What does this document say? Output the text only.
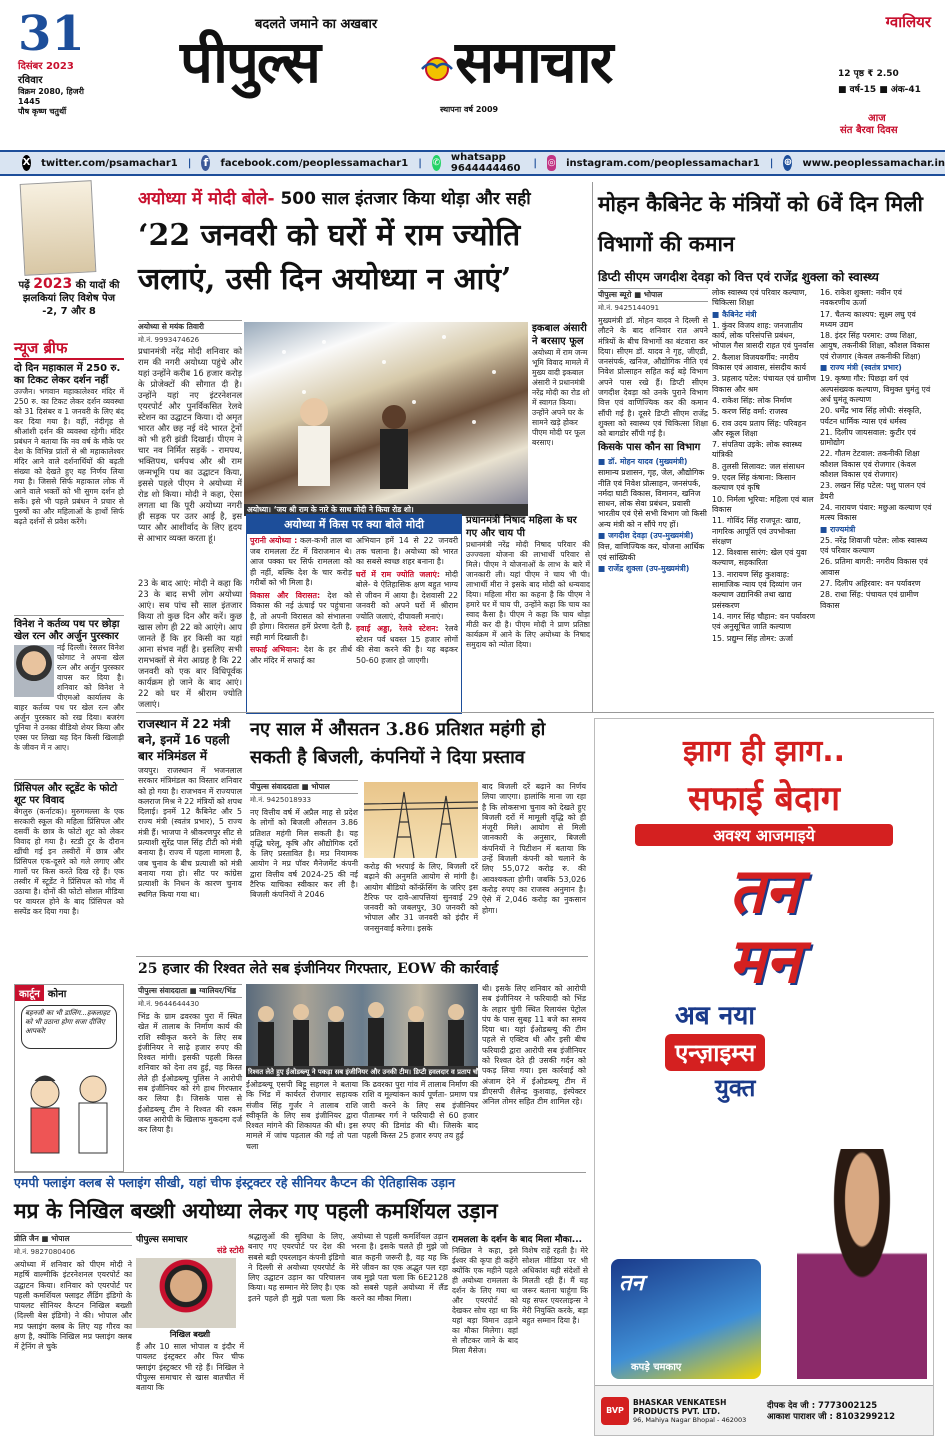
31
दिसंबर 2023
रविवार
विक्रम 2080, हिजरी 1445
पौष कृष्ण चतुर्थी
बदलते जमाने का अखबार
पीपुल्स समाचार
स्थापना वर्ष 2009
ग्वालियर
12 पृष्ठ ₹ 2.50
■ वर्ष-15 ■ अंक-41
आज
संत बैरवा दिवस
X twitter.com/psamachar1 | f facebook.com/peoplessamachar1 | ✆ whatsapp 9644444460 | ◎ instagram.com/peoplessamachar1 | ⊕ www.peoplessamachar.in
पढ़ें 2023 की यादों की झलकियां लिए विशेष पेज -2, 7 और 8
न्यूज ब्रीफ
दो दिन महाकाल में 250 रु. का टिकट लेकर दर्शन नहीं
उज्जैन। भगवान महाकालेश्वर मंदिर में 250 रु. का टिकट लेकर दर्शन व्यवस्था को 31 दिसंबर व 1 जनवरी के लिए बंद कर दिया गया है। वहीं, नंदीगृह से श्रीआंशी दर्शन की व्यवस्था रहेगी। मंदिर प्रबंधन ने बताया कि नव वर्ष के मौके पर देश के विभिन्न प्रांतों से श्री महाकालेश्वर मंदिर आने वाले दर्शनार्थियों की बढ़ती संख्या को देखते हुए यह निर्णय लिया गया है। जिससे सिर्फ महाकाल लोक में आने वाले भक्तों को भी सुगम दर्शन हो सकें। इसे भी पहले प्रबंधन ने प्रचार से पुरुषों का और महिलाओं के हाथों सिर्फ बढ़ते दर्शनों से प्रवेश करेंगे।
विनेश ने कर्तव्य पथ पर छोड़ा खेल रत्न और अर्जुन पुरस्कार
नई दिल्ली। रेसलर विनेश फोगाट ने अपना खेल रत्न और अर्जुन पुरस्कार वापस कर दिया है। शनिवार को विनेश ने पीएमओ कार्यालय के बाहर कर्तव्य पथ पर खेल रत्न और अर्जुन पुरस्कार को रख दिया। बजरंग पूनिया ने उनका वीडियो शेयर किया और एक्स पर लिखा यह दिन किसी खिलाड़ी के जीवन में न आए।
प्रिंसिपल और स्टूडेंट के फोटो शूट पर विवाद
बेंगलुरु (कर्नाटक)। मुरुगमल्ला के एक सरकारी स्कूल की महिला प्रिंसिपल और दसवीं के छात्र के फोटो शूट को लेकर विवाद हो गया है। स्टडी टूर के दौरान खींची गई इन तस्वीरों में छात्र और प्रिंसिपल एक-दूसरे को गले लगाए और गालों पर किस करते दिख रहे हैं। एक तस्वीर में स्टूडेंट ने प्रिंसिपल को गोद में उठाया है। दोनों की फोटो सोशल मीडिया पर वायरल होने के बाद प्रिंसिपल को सस्पेंड कर दिया गया है।
कार्टून कोना
बहनजी का भी डालिंग...हकलाहट को भी उठाना होगा सजा दीजिए आपको!
अयोध्या में मोदी बोले- 500 साल इंतजार किया थोड़ा और सही
‘22 जनवरी को घरों में राम ज्योति जलाएं, उसी दिन अयोध्या न आएं’
अयोध्या से मयंक तिवारी
मो.नं. 9993474626
अयोध्या। ‘जय श्री राम के नारे के साथ मोदी ने किया रोड शो।
प्रधानमंत्री नरेंद्र मोदी शनिवार को राम की नगरी अयोध्या पहुंचे और यहां उन्होंने करीब 16 हजार करोड़ के प्रोजेक्टों की सौगात दी है। उन्होंने यहां नए इंटरनेशनल एयरपोर्ट और पुनर्विकसित रेलवे स्टेशन का उद्घाटन किया। दो अमृत भारत और छह नई वंदे भारत ट्रेनों को भी हरी झंडी दिखाई। पीएम ने चार नव निर्मित सड़कें - रामपथ, भक्तिपथ, धर्मपथ और श्री राम जन्मभूमि पथ का उद्घाटन किया, इससे पहले पीएम ने अयोध्या में रोड शो किया। मोदी ने कहा, ऐसा लगता था कि पूरी अयोध्या नगरी ही सड़क पर उतर आई है, इस प्यार और आशीर्वाद के लिए हृदय से आभार व्यक्त करता हूं।
23 के बाद आएं: मोदी ने कहा कि 23 के बाद सभी लोग अयोध्या आएं। सब पांच सौ साल इंतजार किया तो कुछ दिन और करें। कुछ खास लोग ही 22 को आएंगे। आप जानते हैं कि हर किसी का यहां आना संभव नहीं है। इसलिए सभी रामभक्तों से मेरा आग्रह है कि 22 जनवरी को एक बार विधिपूर्वक कार्यक्रम हो जाने के बाद आएं। 22 को घर में श्रीराम ज्योति जलाएं।
अयोध्या में किस पर क्या बोले मोदी
पुरानी अयोध्या : कल-कभी ताल था जब रामलला टेंट में विराजमान थे। आज पक्का घर सिर्फ रामलला को ही नहीं, बल्कि देश के चार करोड़ गरीबों को भी मिला है।
विकास और विरासत: देश को विकास की नई ऊंचाई पर पहुंचाना है, तो अपनी विरासत को संभालना ही होगा। विरासत हमें प्रेरणा देती है, सही मार्ग दिखाती है।
सफाई अभियान: देश के हर तीर्थ और मंदिर में सफाई का
अभियान हमें 14 से 22 जनवरी तक चलाना है। अयोध्या को भारत का सबसे स्वच्छ शहर बनाना है।
घरों में राम ज्योति जलाएं: मोदी बोले- ये ऐतिहासिक क्षण बहुत भाग्य से जीवन में आया है। देशवासी 22 जनवरी को अपने घरों में श्रीराम ज्योति जलाएं, दीपावली मनाएं।
हवाई अड्डा, रेलवे स्टेशन: रेलवे स्टेशन पर्व धवस्त 15 हजार लोगों की सेवा करने की है। यह बढ़कर 50-60 हजार हो जाएगी।
इकबाल अंसारी ने बरसाए फूल
अयोध्या में राम जन्म भूमि विवाद मामले में मुख्य वादी इकबाल अंसारी ने प्रधानमंत्री नरेंद्र मोदी का रोड शो में स्वागत किया। उन्होंने अपने घर के सामने खड़े होकर पीएम मोदी पर फूल बरसाए।
प्रधानमंत्री निषाद महिला के घर गए और चाय पी
प्रधानमंत्री नरेंद्र मोदी निषाद परिवार की उज्ज्वला योजना की लाभार्थी परिवार से मिले। पीएम ने योजनाओं के लाभ के बारे में जानकारी ली। यहां पीएम ने चाय भी पी। लाभार्थी मीरा ने इसके बाद मोदी को धन्यवाद दिया। महिला मीरा का कहना है कि पीएम ने हमारे घर में चाय पी, उन्होंने कहा कि चाय का स्वाद कैसा है। पीएम ने कहा कि चाय थोड़ा मीठी कर दी है। पीएम मोदी ने प्राण प्रतिष्ठा कार्यक्रम में आने के लिए अयोध्या के निषाद समुदाय को न्योता दिया।
मोहन कैबिनेट के मंत्रियों को 6वें दिन मिली विभागों की कमान
डिप्टी सीएम जगदीश देवड़ा को वित्त एवं राजेंद्र शुक्ला को स्वास्थ्य
पीपुल्स ब्यूरो ■ भोपाल
मो.नं. 9425144091
मुख्यमंत्री डॉ. मोहन यादव ने दिल्ली से लौटने के बाद शनिवार रात अपने मंत्रियों के बीच विभागों का बंटवारा कर दिया। सीएम डॉ. यादव ने गृह, जीएडी, जनसंपर्क, खनिज, औद्योगिक नीति एवं निवेश प्रोत्साहन सहित कई बड़े विभाग अपने पास रखे हैं। डिप्टी सीएम जगदीश देवड़ा को उनके पुराने विभाग वित्त एवं वाणिज्यिक कर की कमान सौंपी गई है। दूसरे डिप्टी सीएम राजेंद्र शुक्ला को स्वास्थ्य एवं चिकित्सा शिक्षा को बागडोर सौंपी गई है।
किसके पास कौन सा विभाग
■ डॉ. मोहन यादव (मुख्यमंत्री)
सामान्य प्रशासन, गृह, जेल, औद्योगिक नीति एवं निवेश प्रोत्साहन, जनसंपर्क, नर्मदा घाटी विकास, विमानन, खनिज साधन, लोक सेवा प्रबंधन, प्रवासी भारतीय एवं ऐसे सभी विभाग जो किसी अन्य मंत्री को न सौंपे गए हों।
■ जगदीश देवड़ा (उप-मुख्यमंत्री)
वित्त, वाणिज्यिक कर, योजना आर्थिक एवं सांख्यिकी
■ राजेंद्र शुक्ला (उप-मुख्यमंत्री)
लोक स्वास्थ्य एवं परिवार कल्याण, चिकित्सा शिक्षा
■ कैबिनेट मंत्री
1. कुंवर विजय शाह: जनजातीय कार्य, लोक परिसंपत्ति प्रबंधन, भोपाल गैस त्रासदी राहत एवं पुनर्वास
2. कैलाश विजयवर्गीय: नगरीय विकास एवं आवास, संसदीय कार्य
3. प्रहलाद पटेल: पंचायत एवं ग्रामीण विकास और श्रम
4. राकेश सिंह: लोक निर्माण
5. करण सिंह वर्मा: राजस्व
6. राव उदय प्रताप सिंह: परिवहन और स्कूल शिक्षा
7. संपतिया उइके: लोक स्वास्थ्य यांत्रिकी
8. तुलसी सिलावट: जल संसाधन
9. एदल सिंह कंषाना: किसान कल्याण एवं कृषि
10. निर्मला भूरिया: महिला एवं बाल विकास
11. गोविंद सिंह राजपूत: खाद्य, नागरिक आपूर्ति एवं उपभोक्ता संरक्षण
12. विश्वास सारंग: खेल एवं युवा कल्याण, सहकारिता
13. नारायण सिंह कुशवाह: सामाजिक न्याय एवं दिव्यांग जन कल्याण उद्यानिकी तथा खाद्य प्रसंस्करण
14. नागर सिंह चौहान: वन पर्यावरण एवं अनुसूचित जाति कल्याण
15. प्रद्युम्न सिंह तोमर: ऊर्जा
16. राकेश शुक्ला: नवीन एवं नवकरणीय ऊर्जा
17. चैतन्य काश्यप: सूक्ष्म लघु एवं मध्यम उद्यम
18. इंदर सिंह परमार: उच्च शिक्षा, आयुष, तकनीकी शिक्षा, कौशल विकास एवं रोजगार (केवल तकनीकी शिक्षा)
■ राज्य मंत्री (स्वतंत्र प्रभार)
19. कृष्णा गौर: पिछड़ा वर्ग एवं अल्पसंख्यक कल्याण, विमुक्त घुमंतु एवं अर्ध घुमंतू कल्याण
20. धर्मेंद्र भाव सिंह लोधी: संस्कृति, पर्यटन धार्मिक न्यास एवं धर्मस्व
21. दिलीप जायसवाल: कुटीर एवं ग्रामोद्योग
22. गौतम टेटवाल: तकनीकी शिक्षा कौशल विकास एवं रोजगार (केवल कौशल विकास एवं रोजगार)
23. लखन सिंह पटेल: पशु पालन एवं डेयरी
24. नारायण पंवार: मछुआ कल्याण एवं मत्स्य विकास
■ राज्यमंत्री
25. नरेंद्र शिवाजी पटेल: लोक स्वास्थ्य एवं परिवार कल्याण
26. प्रतिमा बागरी: नगरीय विकास एवं आवास
27. दिलीप अहिरवार: वन पर्यावरण
28. राधा सिंह: पंचायत एवं ग्रामीण विकास
राजस्थान में 22 मंत्री बने, इनमें 16 पहली बार मंत्रिमंडल में
जयपुर। राजस्थान में भजनलाल सरकार मंत्रिमंडल का विस्तार शनिवार को हो गया है। राजभवन में राज्यपाल कलराज मिश्र ने 22 मंत्रियों को शपथ दिलाई। इनमें 12 कैबिनेट और 5 राज्य मंत्री (स्वतंत्र प्रभार), 5 राज्य मंत्री हैं। भाजपा ने श्रीकरणपुर सीट से प्रत्याशी सुरेंद्र पाल सिंह टीटी को मंत्री बनाया है। राज्य में पहला मामला है, जब चुनाव के बीच प्रत्याशी को मंत्री बनाया गया हो। सीट पर कांग्रेस प्रत्याशी के निधन के कारण चुनाव स्थगित किया गया था।
नए साल में औसतन 3.86 प्रतिशत महंगी हो सकती है बिजली, कंपनियों ने दिया प्रस्ताव
पीपुल्स संवाददाता ■ भोपाल
मो.नं. 9425018933
नए वित्तीय वर्ष में अप्रैल माह से प्रदेश के लोगों को बिजली औसतन 3.86 प्रतिशत महंगी मिल सकती है। यह वृद्धि घरेलू, कृषि और औद्योगिक दरों के लिए प्रस्तावित है। मप्र नियामक आयोग ने मप्र पॉवर मैनेजमेंट कंपनी द्वारा वित्तीय वर्ष 2024-25 की नई टैरिफ याचिका स्वीकार कर ली है। बिजली कंपनियों ने 2046
करोड़ की भरपाई के लिए, बिजली दरें बढ़ाने की अनुमति आयोग से मांगी है। आयोग बीडियो कॉन्फ्रेंसिंग के जरिए इस टैरिफ पर दावे-आपत्तियां सुनवाई 29 जनवरी को जबलपुर, 30 जनवरी को भोपाल और 31 जनवरी को इंदौर में जनसुनवाई करेगा। इसके
बाद बिजली दरें बढ़ाने का निर्णय लिया जाएगा। हालांकि माना जा रहा है कि लोकसभा चुनाव को देखते हुए बिजली दरों में मामूली वृद्धि को ही मंजूरी मिले। आयोग से मिली जानकारी के अनुसार, बिजली कंपनियों ने पिटीशन में बताया कि उन्हें बिजली कंपनी को चलाने के लिए 55,072 करोड़ रु. की आवश्यकता होगी। जबकि 53,026 करोड़ रुपए का राजस्व अनुमान है। ऐसे में 2,046 करोड़ का नुकसान होगा।
25 हजार की रिश्वत लेते सब इंजीनियर गिरफ्तार, EOW की कार्रवाई
पीपुल्स संवाददाता ■ ग्वालियर/भिंड
मो.नं. 9644644430
भिंड के ग्राम ढवरका पुरा में स्थित खेत में तालाब के निर्माण कार्य की राशि स्वीकृत करने के लिए सब इंजीनियर ने साढ़े हजार रुपए की रिश्वत मांगी। इसकी पहली किस्त शनिवार को देना तय हुई, यह किस्त लेते ही ईओडब्ल्यू पुलिस ने आरोपी सब इंजीनियर को रंगे हाथ गिरफ्तार कर लिया है। जिसके पास से ईओडब्ल्यू टीम ने रिश्वत की रकम जब्त आरोपी के खिलाफ मुकदमा दर्ज कर लिया है।
रिश्वत लेते हुए ईओडब्ल्यू ने पकड़ा सब इंजीनियर और उनकी टीम। डिप्टी हवलदार व प्रताप चौहान।
ईओडब्ल्यू एसपी बिट्टू सहगल ने बताया कि भिंड में कार्यरत रोजगार सहायक संजीव सिंह गुर्जर ने तालाब राशि स्वीकृति के लिए सब इंजीनियर द्वारा रिश्वत मांगने की शिकायत की थी। इस मामले में जांच पड़ताल की गई तो पता चला
कि ढवरका पुरा गांव में तालाब निर्माण की राशि व मूल्यांकन कार्य पूर्णता- प्रमाण पत्र जारी करने के लिए सब इंजीनियर पीताम्बर गर्ग ने फरियादी से 60 हजार रुपए की डिमांड की थी। जिसके बाद पहली किस्त 25 हजार रुपए तय हुई
थी। इसके लिए शनिवार को आरोपी सब इंजीनियर ने फरियादी को भिंड के लहार चुंगी स्थित रिलायंस पेट्रोल पंप के पास सुबह 11 बजे का समय दिया था। यहां ईओडब्ल्यू की टीम पहले से एक्टिव थी और इसी बीच फरियादी द्वारा आरोपी सब इंजीनियर को रिश्वत देते ही उसकी गर्दन को पकड़ लिया गया। इस कार्रवाई को अंजाम देने में ईओडब्ल्यू टीम में डीएसपी शैलेन्द्र कुशवाह, इंस्पेक्टर अनिल तोमर सहित टीम शामिल रहे।
एमपी फ्लाइंग क्लब से फ्लाइंग सीखी, यहां चीफ इंस्ट्रक्टर रहे सीनियर कैप्टन की ऐतिहासिक उड़ान
मप्र के निखिल बख्शी अयोध्या लेकर गए पहली कमर्शियल उड़ान
प्रीति जैन ■ भोपाल
मो.नं. 9827080406
अयोध्या में शनिवार को पीएम मोदी ने महर्षि वाल्मीकि इंटरनेशनल एयरपोर्ट का उद्घाटन किया। शनिवार को एयरपोर्ट पर पहली कमर्शियल फ्लाइट लैंडिंग इंडिगो के पायलट सीनियर कैप्टन निखिल बख्शी (दिल्ली बेस इंडिगो) ने की। भोपाल और मप्र फ्लाइंग क्लब के लिए यह गौरव का क्षण है, क्योंकि निखिल मप्र फ्लाइंग क्लब में ट्रेनिंग ले चुके
पीपुल्स समाचार
संडे स्टोरी
निखिल बख्शी
हैं और 10 साल भोपाल व इंदौर में पायलट इंस्ट्रक्टर और फिर चीफ फ्लाइंग इंस्ट्रक्टर भी रहे हैं। निखिल ने पीपुल्स समाचार से खास बातचीत में बताया कि
श्रद्धालुओं की सुविधा के लिए, बनाए गए एयरपोर्ट पर देश की सबसे बड़ी एयरलाइन कंपनी इंडिगो ने दिल्ली से अयोध्या एयरपोर्ट के लिए उद्घाटन उड़ान का परिचालन किया। यह सम्मान मेरे लिए है। एक इतने पहले ही मुझे पता चला कि अयोध्या से पहली कमर्शियल उड़ान भरना है। इसके चलते ही मुझे जो बात कहनी जरूरी है, वह यह कि मेरे जीवन का एक अद्भुत पल रहा जब मुझे पता चला कि 6E2128 को सबसे पहले अयोध्या में लैंड करने का मौका मिला।
रामलला के दर्शन के बाद मिला मौका...
निखिल ने कहा, इसे ईश्वर की कृपा ही कहेंगे क्योंकि एक महीने पहले ही अयोध्या रामलला के दर्शन के लिए गया था और एयरपोर्ट को देखकर सोच रहा था कि यहां बड़ा विमान उड़ाने का मौका मिलेगा। वहां से लौटकर जाने के बाद मिला मैसेज।
विशेष राहें रहती है। मेरे सोशल मीडिया पर भी अधिकांश यही संदेशों से मिलती रही हैं। मैं यह जरूर बताना चाहूंगा कि यह सफर एयरलाइन्स ने मेरी नियुक्ति करके, बड़ा बहुत सम्मान दिया है।
झाग ही झाग..
सफाई बेदाग
अवश्य आजमाइये
तन
मन
अब नया
एन्ज़ाइम्स
युक्त
तन
कपड़े चमकाए
BVP
BHASKAR VENKATESH PRODUCTS PVT. LTD.
96, Mahiya Nagar Bhopal - 462003
दीपक देव जी : 7773002125
आकाश पाराशर जी : 8103299212
